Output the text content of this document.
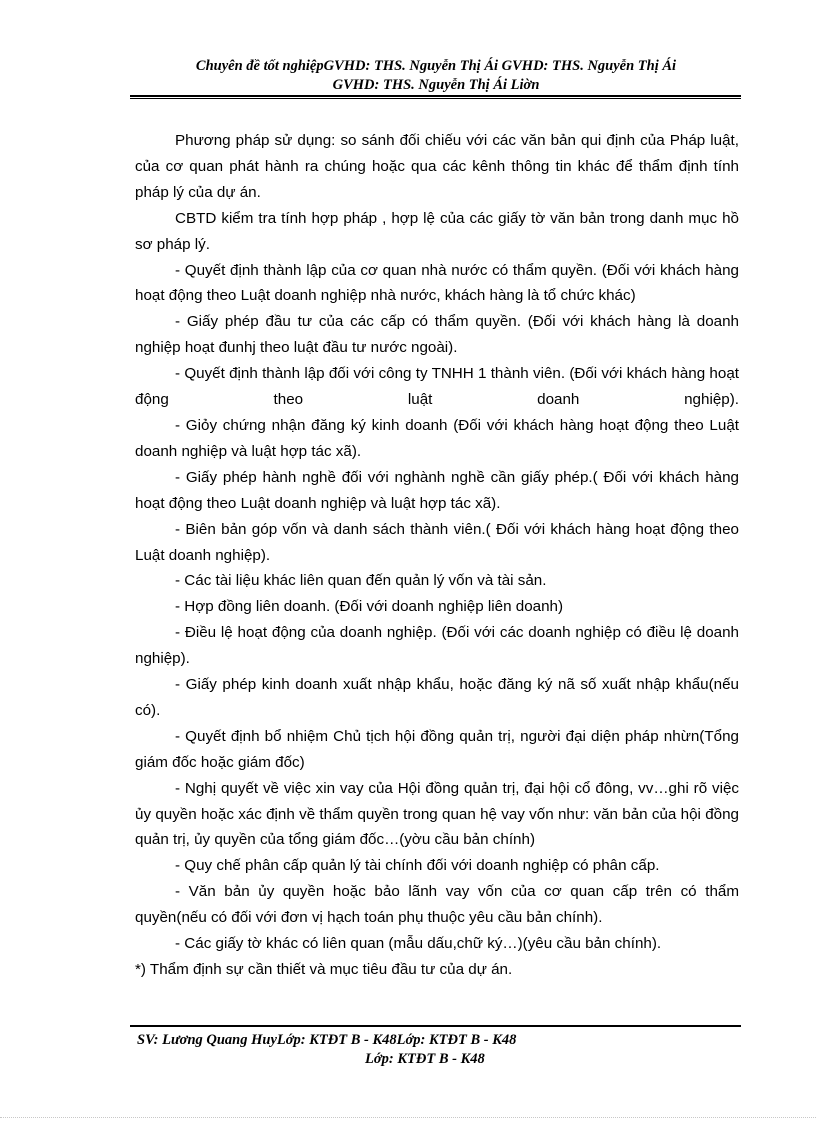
Chuyên đề tốt nghiệpGVHD: THS. Nguyễn Thị Ái GVHD: THS. Nguyễn Thị Ái
GVHD: THS. Nguyễn Thị Ái Liờn

Phương pháp sử dụng: so sánh đối chiếu với các văn bản qui định của Pháp luật, của cơ quan phát hành ra chúng hoặc qua các kênh thông tin khác để thẩm định tính pháp lý của dự án.

CBTD kiểm tra tính hợp pháp , hợp lệ của các giấy tờ văn bản trong danh mục hồ sơ pháp lý.

- Quyết định thành lập của cơ quan nhà nước có thẩm quyền. (Đối với khách hàng hoạt động theo Luật doanh nghiệp nhà nước, khách hàng là tổ chức khác)

- Giấy phép đầu tư của các cấp có thẩm quyền. (Đối với khách hàng là doanh nghiệp hoạt đunhj theo luật đầu tư nước ngoài).

- Quyết định thành lập đối với công ty TNHH 1 thành viên. (Đối với khách hàng hoạt động theo luật doanh nghiệp).

- Giỏy chứng nhận đăng ký kinh doanh (Đối với khách hàng hoạt động theo Luật doanh nghiệp và luật hợp tác xã).

- Giấy phép hành nghề đối với nghành nghề cần giấy phép.( Đối với khách hàng hoạt động theo Luật doanh nghiệp và luật hợp tác xã).

- Biên bản góp vốn và danh sách thành viên.( Đối với khách hàng hoạt động theo Luật doanh nghiệp).

- Các tài liệu khác liên quan đến quản lý vốn và tài sản.

- Hợp đồng liên doanh. (Đối với doanh nghiệp liên doanh)

- Điều lệ hoạt động của doanh nghiệp. (Đối với các doanh nghiệp có điều lệ doanh nghiệp).

- Giấy phép kinh doanh xuất nhập khẩu, hoặc đăng ký nã số xuất nhập khẩu(nếu có).

- Quyết định bổ nhiệm Chủ tịch hội đồng quản trị, người đại diện pháp nhừn(Tổng giám đốc hoặc giám đốc)

- Nghị quyết về việc xin vay của Hội đồng quản trị, đại hội cổ đông, vv…ghi rõ việc ủy quyền hoặc xác định về thẩm quyền trong quan hệ vay vốn như: văn bản của hội đồng quản trị, ủy quyền của tổng giám đốc…(yờu cầu bản chính)

- Quy chế phân cấp quản lý tài chính đối với doanh nghiệp có phân cấp.

- Văn bản ủy quyền hoặc bảo lãnh vay vốn của cơ quan cấp trên có thẩm quyền(nếu có đối với đơn vị hạch toán phụ thuộc yêu cầu bản chính).

- Các giấy tờ khác có liên quan (mẫu dấu,chữ ký…)(yêu cầu bản chính).

*) Thẩm định sự cần thiết và mục tiêu đầu tư của dự án.

SV: Lương Quang HuyLớp: KTĐT B - K48Lớp: KTĐT B - K48
Lớp: KTĐT B - K48
